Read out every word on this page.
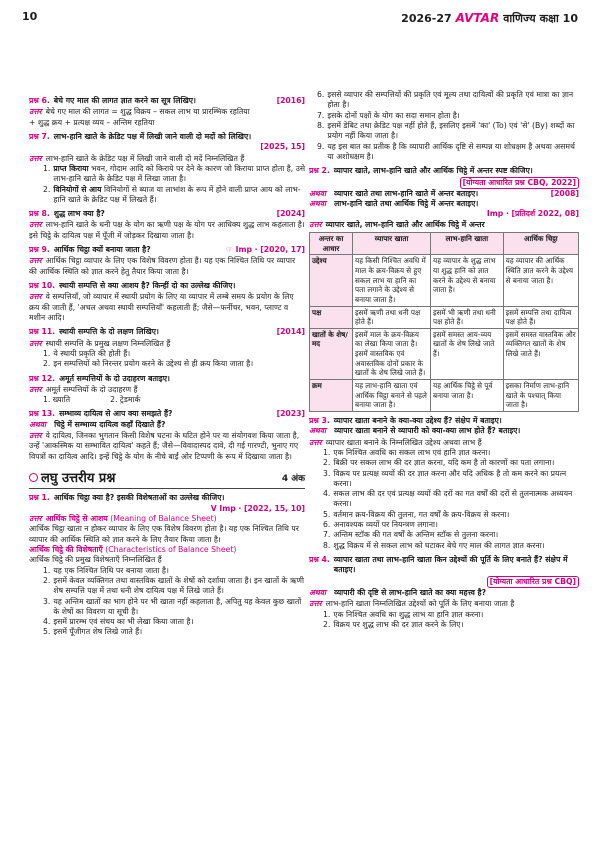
10	2026-27 AVTAR वाणिज्य कक्षा 10
प्रश्न 6. बेचे गए माल की लागत ज्ञात करने का सूत्र लिखिए।	[2016]
उत्तर बेचे गए माल की लागत = शुद्ध विक्रय – सकल लाभ या प्रारम्भिक रहतिया
+ शुद्ध क्रय + प्रत्यक्ष व्यय – अन्तिम रहतिया
प्रश्न 7. लाभ-हानि खाते के क्रेडिट पक्ष में लिखी जाने वाली दो मदों को लिखिए।
[2025, 15]
उत्तर लाभ-हानि खाते के क्रेडिट पक्ष में लिखी जाने वाली दो मदें निम्नलिखित हैं
1. प्राप्त किराया भवन, गोदाम आदि को किराये पर देने के कारण जो किराया प्राप्त होता है, उसे लाभ-हानि खाते के क्रेडिट पक्ष में लिखा जाता है।
2. विनियोगों से आय विनियोगों से ब्याज या लाभांश के रूप में होने वाली प्राप्त आय को लाभ-हानि खाते के क्रेडिट पक्ष में लिखते हैं।
प्रश्न 8. शुद्ध लाभ क्या है?	[2024]
उत्तर लाभ-हानि खाते के धनी पक्ष के योग का ऋणी पक्ष के योग पर आधिक्य शुद्ध लाभ कहलाता है। इसे चिट्ठे के दायित्व पक्ष में पूँजी में जोड़कर दिखाया जाता है।
प्रश्न 9. आर्थिक चिट्ठा क्यों बनाया जाता है?	☞ Imp · [2020, 17]
उत्तर आर्थिक चिट्ठा व्यापार के लिए एक विशेष विवरण होता है। यह एक निश्चित तिथि पर व्यापार की आर्थिक स्थिति को ज्ञात करने हेतु तैयार किया जाता है।
प्रश्न 10. स्थायी सम्पत्ति से क्या आशय है? किन्हीं दो का उल्लेख कीजिए।
उत्तर वे सम्पत्तियाँ, जो व्यापार में स्थायी प्रयोग के लिए या व्यापार में लम्बे समय के प्रयोग के लिए क्रय की जाती हैं, 'अचल अथवा स्थायी सम्पत्तियाँ' कहलाती हैं; जैसे—फर्नीचर, भवन, प्लाण्ट व मशीन आदि।
प्रश्न 11. स्थायी सम्पत्ति के दो लक्षण लिखिए।	[2014]
उत्तर स्थायी सम्पत्ति के प्रमुख लक्षण निम्नलिखित हैं
1. ये स्थायी प्रकृति की होती हैं।
2. इन सम्पत्तियों को निरन्तर प्रयोग करने के उद्देश्य से ही क्रय किया जाता है।
प्रश्न 12. अमूर्त सम्पत्तियों के दो उदाहरण बताइए।
उत्तर अमूर्त सम्पत्तियों के दो उदाहरण हैं
1. ख्याति	2. ट्रेडमार्क
प्रश्न 13. सम्भाव्य दायित्व से आप क्या समझते हैं?	[2023]
अथवा चिट्ठे में सम्भाव्य दायित्व कहाँ दिखाते हैं?
उत्तर वे दायित्व, जिनका भुगतान किसी विशेष घटना के घटित होने पर या संयोगवश किया जाता है, उन्हें 'आकस्मिक या सम्भावित दायित्व' कहते हैं; जैसे—विवादास्पद दावे, दी गई गारण्टी, भुनाए गए विपत्रों का दायित्व आदि। इन्हें चिट्ठे के योग के नीचे बाईं ओर टिप्पणी के रूप में दिखाया जाता है।
लघु उत्तरीय प्रश्न	4 अंक
प्रश्न 1. आर्थिक चिट्ठा क्या है? इसकी विशेषताओं का उल्लेख कीजिए।
V Imp · [2022, 15, 10]
उत्तर आर्थिक चिट्ठे से आशय (Meaning of Balance Sheet)
आर्थिक चिट्ठा खाता न होकर व्यापार के लिए एक विशेष विवरण होता है। यह एक निश्चित तिथि पर व्यापार की आर्थिक स्थिति को ज्ञात करने के लिए तैयार किया जाता है।
आर्थिक चिट्ठे की विशेषताएँ (Characteristics of Balance Sheet)
आर्थिक चिट्ठे की प्रमुख विशेषताएँ निम्नलिखित हैं
1. यह एक निश्चित तिथि पर बनाया जाता है।
2. इसमें केवल व्यक्तिगत तथा वास्तविक खातों के शेषों को दर्शाया जाता है। इन खातों के ऋणी शेष सम्पत्ति पक्ष में तथा धनी शेष दायित्व पक्ष में लिखे जाते हैं।
3. यह अन्तिम खातों का भाग होने पर भी खाता नहीं कहलाता है, अपितु यह केवल कुछ खातों के शेषों का विवरण या सूची है।
4. इसमें प्रारम्भ एवं संचय का भी लेखा किया जाता है।
5. इसमें पूँजीगत शेष लिखे जाते हैं।
6. इससे व्यापार की सम्पत्तियों की प्रकृति एवं मूल्य तथा दायित्वों की प्रकृति एवं मात्रा का ज्ञान होता है।
7. इसके दोनों पक्षों के योग का सदा समान होता है।
8. इसमें डेबिट तथा क्रेडिट पक्ष नहीं होते हैं, इसलिए इसमें 'का' (To) एवं 'से' (By) शब्दों का प्रयोग नहीं किया जाता है।
9. यह इस बात का प्रतीक है कि व्यापारी आर्थिक दृष्टि से सम्पन्न या शोधक्षम है अथवा असमर्थ या अशोधक्षम है।
प्रश्न 2. व्यापार खाते, लाभ-हानि खाते और आर्थिक चिट्ठे में अन्तर स्पष्ट कीजिए।
[योग्यता आधारित प्रश्न CBQ, 2022]
अथवा व्यापार खाते तथा लाभ-हानि खाते में अन्तर बताइए।	[2008]
अथवा लाभ-हानि खाते तथा आर्थिक चिट्ठे में अन्तर बताइए।
Imp · [प्रतिदर्श 2022, 08]
उत्तर व्यापार खाते, लाभ-हानि खाते और आर्थिक चिट्ठे में अन्तर
अन्तर का आधार	व्यापार खाता	लाभ-हानि खाता	आर्थिक चिट्ठा
उद्देश्य	यह किसी निश्चित अवधि में माल के क्रय-विक्रय से हुए सकल लाभ या हानि का पता लगाने के उद्देश्य से बनाया जाता है।	यह व्यापार के शुद्ध लाभ या शुद्ध हानि को ज्ञात करने के उद्देश्य से बनाया जाता है।	यह व्यापार की आर्थिक स्थिति ज्ञात करने के उद्देश्य से बनाया जाता है।
पक्ष	इसमें ऋणी तथा धनी पक्ष होते हैं।	इसमें भी ऋणी तथा धनी पक्ष होते हैं।	इसमें सम्पत्ति तथा दायित्व पक्ष होते हैं।
खातों के शेष/मद	इसमें माल के क्रय-विक्रय का लेखा किया जाता है। इसमें वास्तविक एवं अवास्तविक दोनों प्रकार के खातों के शेष लिखे जाते हैं।	इसमें समस्त आय-व्यय खातों के शेष लिखे जाते हैं।	इसमें समस्त वास्तविक और व्यक्तिगत खातों के शेष लिखे जाते हैं।
क्रम	यह लाभ-हानि खाता एवं आर्थिक चिट्ठा बनाने से पहले बनाया जाता है।	यह आर्थिक चिट्ठे से पूर्व बनाया जाता है।	इसका निर्माण लाभ-हानि खाते के पश्चात् किया जाता है।
प्रश्न 3. व्यापार खाता बनाने के क्या-क्या उद्देश्य हैं? संक्षेप में बताइए।
अथवा व्यापार खाता बनाने से व्यापारी को क्या-क्या लाभ होते हैं? बताइए।
उत्तर व्यापार खाता बनाने के निम्नलिखित उद्देश्य अथवा लाभ हैं
1. एक निश्चित अवधि का सकल लाभ एवं हानि ज्ञात करना।
2. बिक्री पर सकल लाभ की दर ज्ञात करना, यदि कम है तो कारणों का पता लगाना।
3. विक्रय पर प्रत्यक्ष व्ययों की दर ज्ञात करना और यदि अधिक है तो कम करने का प्रयत्न करना।
4. सकल लाभ की दर एवं प्रत्यक्ष व्ययों की दरों का गत वर्षों की दरों से तुलनात्मक अध्ययन करना।
5. वर्तमान क्रय-विक्रय की तुलना, गत वर्षों के क्रय-विक्रय से करना।
6. अनावश्यक व्ययों पर नियन्त्रण लगाना।
7. अन्तिम स्टॉक की गत वर्षों के अन्तिम स्टॉक से तुलना करना।
8. शुद्ध विक्रय में से सकल लाभ को घटाकर बेचे गए माल की लागत ज्ञात करना।
प्रश्न 4. व्यापार खाता तथा लाभ-हानि खाता किन उद्देश्यों की पूर्ति के लिए बनाते हैं? संक्षेप में बताइए।
[योग्यता आधारित प्रश्न CBQ]
अथवा व्यापारी की दृष्टि से लाभ-हानि खाते का क्या महत्त्व है?
उत्तर लाभ-हानि खाता निम्नलिखित उद्देश्यों को पूर्ति के लिए बनाया जाता है
1. एक निश्चित अवधि का शुद्ध लाभ या हानि ज्ञात करना।
2. विक्रय पर शुद्ध लाभ की दर ज्ञात करने के लिए।
